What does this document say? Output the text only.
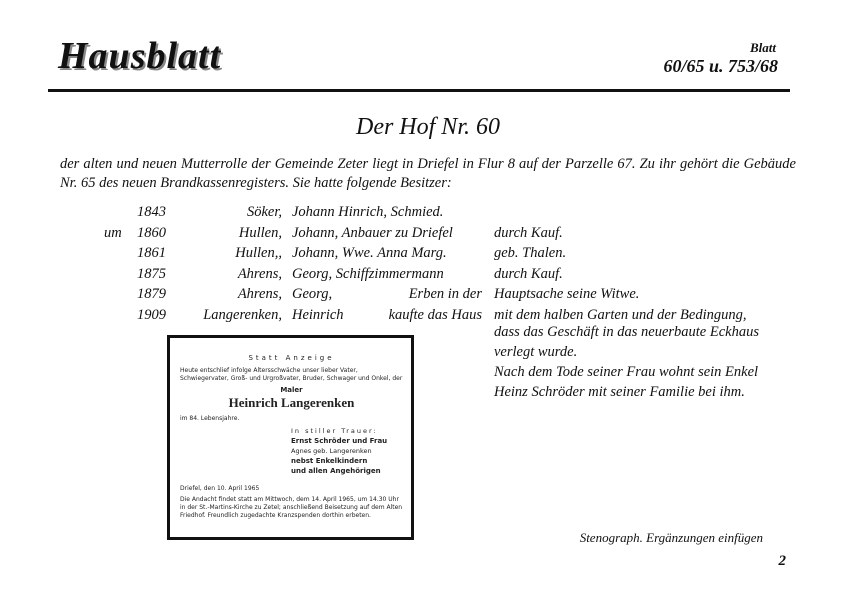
Hausblatt	Blatt
60/65 u. 753/68
Der Hof Nr. 60
der alten und neuen Mutterrolle der Gemeinde Zeter liegt in Driefel in Flur 8 auf der Parzelle 67. Zu ihr gehört die Gebäude Nr. 65 des neuen Brandkassenregisters. Sie hatte folgende Besitzer:
1843	Söker, Johann Hinrich, Schmied.
um 1860	Hullen, Johann, Anbauer zu Driefel	durch Kauf.
1861	Hullen,, Johann, Wwe. Anna Marg.	geb. Thalen.
1875	Ahrens, Georg, Schiffzimmermann	durch Kauf.
1879	Ahrens, Georg,	Erben in der Hauptsache seine Witwe.
1909	Langerenken, Heinrich	kaufte das Haus mit dem halben Garten und der Bedingung,
dass das Geschäft in das neuerbaute Eckhaus
verlegt wurde.
Nach dem Tode seiner Frau wohnt sein Enkel
Heinz Schröder mit seiner Familie bei ihm.
Statt Anzeige
Heute entschlief infolge Altersschwäche unser lieber Vater, Schwiegervater, Groß- und Urgroßvater, Bruder, Schwager und Onkel, der
Maler
Heinrich Langerenken
im 84. Lebensjahre.
In stiller Trauer:
Ernst Schröder und Frau
Agnes geb. Langerenken
nebst Enkelkindern
und allen Angehörigen
Driefel, den 10. April 1965
Die Andacht findet statt am Mittwoch, dem 14. April 1965, um 14.30 Uhr in der St.-Martins-Kirche zu Zetel; anschließend Beisetzung auf dem Alten Friedhof. Freundlich zugedachte Kranzspenden dorthin erbeten.
Stenograph. Ergänzungen einfügen
2
